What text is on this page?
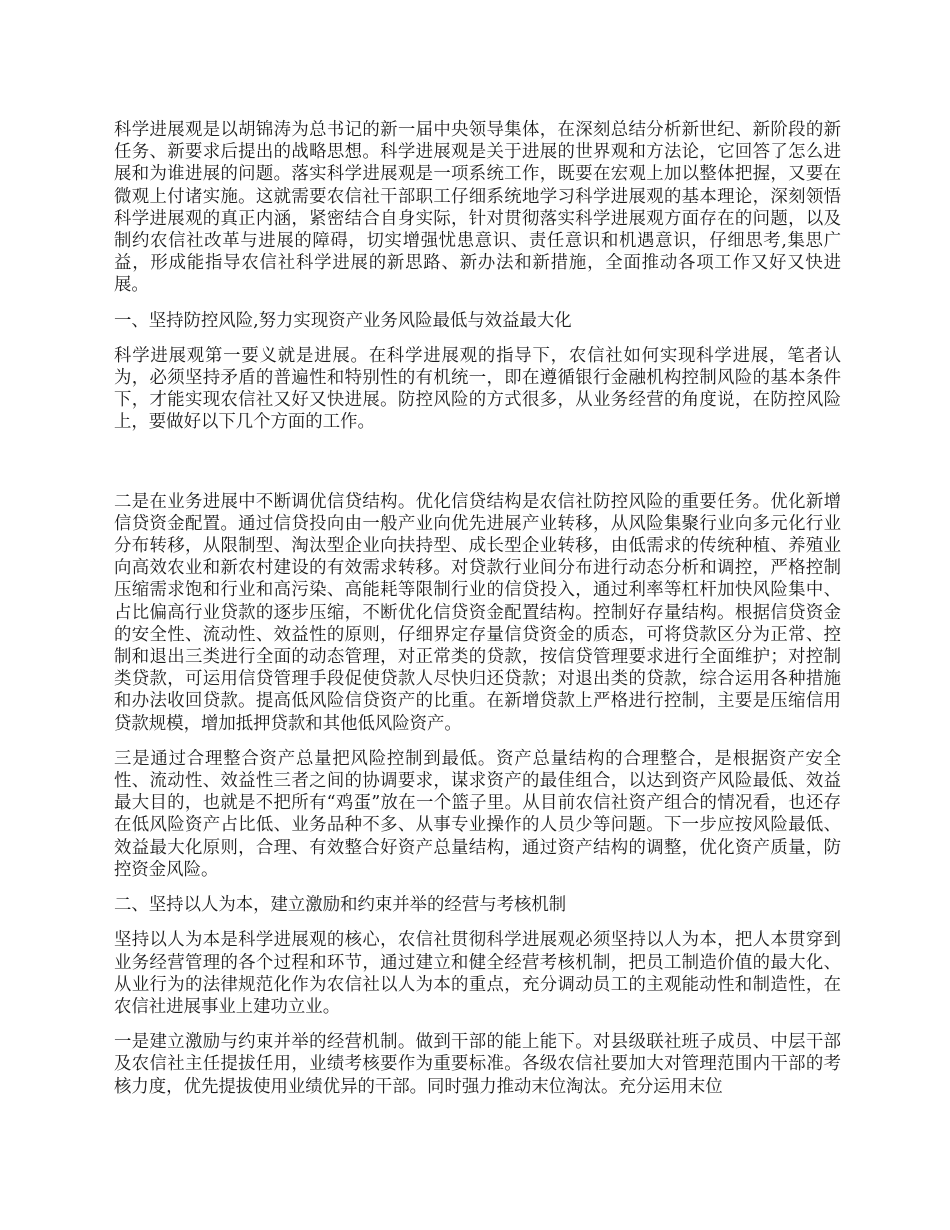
科学进展观是以胡锦涛为总书记的新一届中央领导集体，在深刻总结分析新世纪、新阶段的新任务、新要求后提出的战略思想。科学进展观是关于进展的世界观和方法论，它回答了怎么进展和为谁进展的问题。落实科学进展观是一项系统工作，既要在宏观上加以整体把握，又要在微观上付诸实施。这就需要农信社干部职工仔细系统地学习科学进展观的基本理论，深刻领悟科学进展观的真正内涵，紧密结合自身实际，针对贯彻落实科学进展观方面存在的问题，以及制约农信社改革与进展的障碍，切实增强忧患意识、责任意识和机遇意识，仔细思考,集思广益，形成能指导农信社科学进展的新思路、新办法和新措施，全面推动各项工作又好又快进展。

一、坚持防控风险,努力实现资产业务风险最低与效益最大化

科学进展观第一要义就是进展。在科学进展观的指导下，农信社如何实现科学进展，笔者认为，必须坚持矛盾的普遍性和特别性的有机统一，即在遵循银行金融机构控制风险的基本条件下，才能实现农信社又好又快进展。防控风险的方式很多，从业务经营的角度说，在防控风险上，要做好以下几个方面的工作。

二是在业务进展中不断调优信贷结构。优化信贷结构是农信社防控风险的重要任务。优化新增信贷资金配置。通过信贷投向由一般产业向优先进展产业转移，从风险集聚行业向多元化行业分布转移，从限制型、淘汰型企业向扶持型、成长型企业转移，由低需求的传统种植、养殖业向高效农业和新农村建设的有效需求转移。对贷款行业间分布进行动态分析和调控，严格控制压缩需求饱和行业和高污染、高能耗等限制行业的信贷投入，通过利率等杠杆加快风险集中、占比偏高行业贷款的逐步压缩，不断优化信贷资金配置结构。控制好存量结构。根据信贷资金的安全性、流动性、效益性的原则，仔细界定存量信贷资金的质态，可将贷款区分为正常、控制和退出三类进行全面的动态管理，对正常类的贷款，按信贷管理要求进行全面维护；对控制类贷款，可运用信贷管理手段促使贷款人尽快归还贷款；对退出类的贷款，综合运用各种措施和办法收回贷款。提高低风险信贷资产的比重。在新增贷款上严格进行控制，主要是压缩信用贷款规模，增加抵押贷款和其他低风险资产。

三是通过合理整合资产总量把风险控制到最低。资产总量结构的合理整合，是根据资产安全性、流动性、效益性三者之间的协调要求，谋求资产的最佳组合，以达到资产风险最低、效益最大目的，也就是不把所有“鸡蛋”放在一个篮子里。从目前农信社资产组合的情况看，也还存在低风险资产占比低、业务品种不多、从事专业操作的人员少等问题。下一步应按风险最低、效益最大化原则，合理、有效整合好资产总量结构，通过资产结构的调整，优化资产质量，防控资金风险。

二、坚持以人为本，建立激励和约束并举的经营与考核机制

坚持以人为本是科学进展观的核心，农信社贯彻科学进展观必须坚持以人为本，把人本贯穿到业务经营管理的各个过程和环节，通过建立和健全经营考核机制，把员工制造价值的最大化、从业行为的法律规范化作为农信社以人为本的重点，充分调动员工的主观能动性和制造性，在农信社进展事业上建功立业。

一是建立激励与约束并举的经营机制。做到干部的能上能下。对县级联社班子成员、中层干部及农信社主任提拔任用，业绩考核要作为重要标准。各级农信社要加大对管理范围内干部的考核力度，优先提拔使用业绩优异的干部。同时强力推动末位淘汰。充分运用末位
